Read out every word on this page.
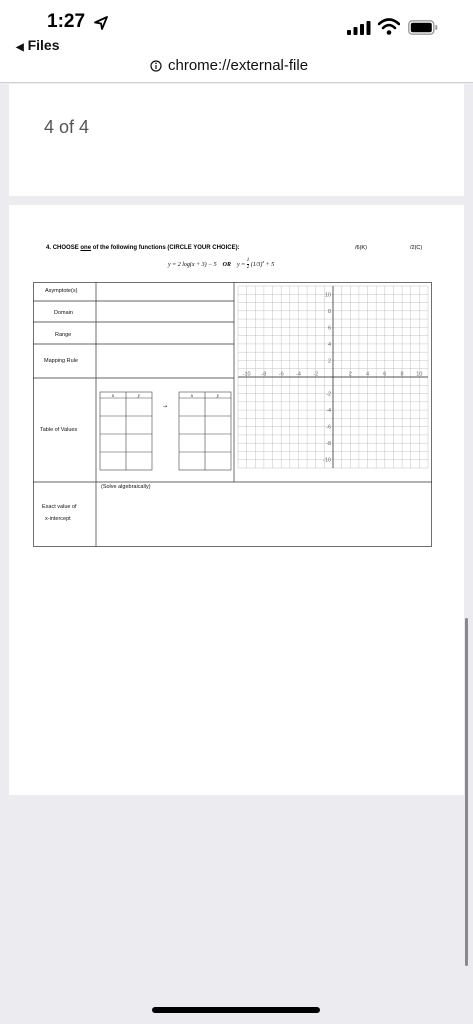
1:27
◀ Files
chrome://external-file
4 of 4
4. CHOOSE one of the following functions (CIRCLE YOUR CHOICE):	/6(K)	/2(C)
y = 2 log(x + 3) − 5 OR $y = \frac{1}{2} (1/3)^x + 5$
x	y	x	y
→
-10 -8 -6 -4 -2	2	4	6	8 10
10
8
6
4
2
-2
-4
-6
-8
-10
Asymptote(s)
Domain
Range
Mapping Rule
Table of Values
Exact value of
x-intercept
(Solve algebraically)
